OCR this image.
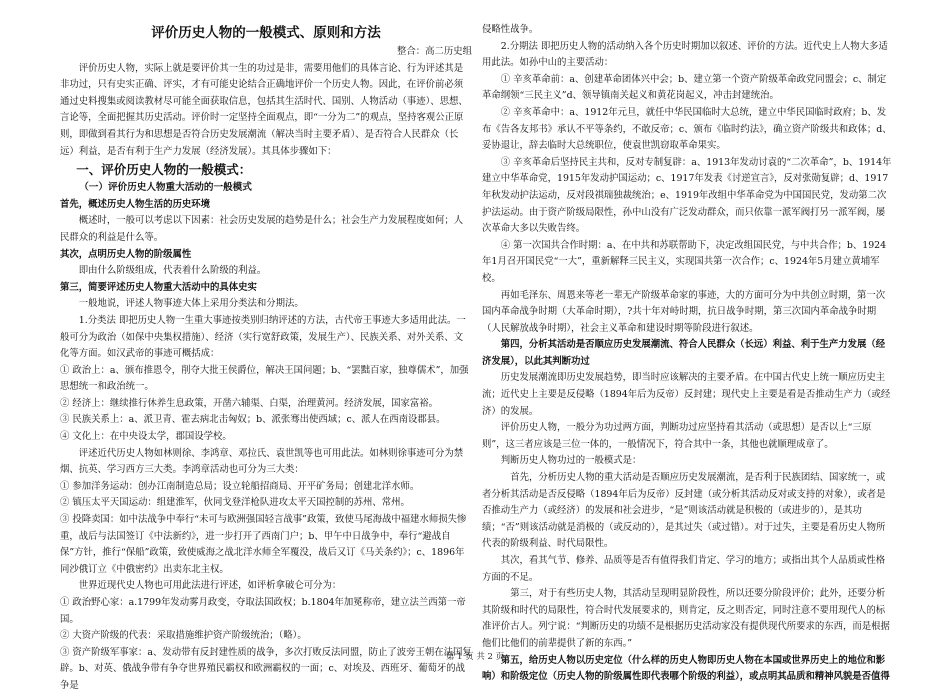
评价历史人物的一般模式、原则和方法

整合：高二历史组

评价历史人物，实际上就是要评价其一生的功过是非，需要用他们的具体言论、行为评述其是非功过，只有史实正确、评实，才有可能史论结合正确地评价一个历史人物。因此，在评价前必须通过史料搜集或阅读教材尽可能全面获取信息，包括其生活时代、国别、人物活动（事迹）、思想、言论等，全面把握其历史活动。评价时一定坚持全面观点，即“一分为二”的观点，坚持客观公正原则，即做到看其行为和思想是否符合历史发展潮流（解决当时主要矛盾）、是否符合人民群众（长远）利益，是否有利于生产力发展（经济发展）。其具体步骤如下：

一、评价历史人物的一般模式：

（一）评价历史人物重大活动的一般模式

首先，概述历史人物生活的历史环境

概述时，一般可以考虑以下因素：社会历史发展的趋势是什么；社会生产力发展程度如何；人民群众的利益是什么等。

其次，点明历史人物的阶级属性

即由什么阶级组成，代表着什么阶级的利益。

第三，简要评述历史人物重大活动中的具体史实

一般地说，评述人物事迹大体上采用分类法和分期法。

1.分类法 即把历史人物一生重大事迹按类别归纳评述的方法，古代帝王事迹大多适用此法。一般可分为政治（如保中央集权措施）、经济（实行宽舒政策，发展生产）、民族关系、对外关系、文化等方面。如汉武帝的事迹可概括成：

① 政治上：a、颁布推恩令，削夺大批王侯爵位，解决王国问题；b、“罢黜百家，独尊儒术”，加强思想统一和政治统一。

② 经济上：继续推行休养生息政策，开凿六辅渠、白渠，治理黄河。经济发展，国家富裕。

③ 民族关系上：a、派卫青、霍去病北击匈奴；b、派张骞出使西域；c、派人在西南设郡县。

④ 文化上：在中央设太学，郡国设学校。

评述近代历史人物如林则徐、李鸿章、邓拉氏、袁世凯等也可用此法。如林则徐事迹可分为禁烟、抗英、学习西方三大类。李鸿章活动也可分为三大类：

① 参加洋务运动：创办江南制造总局；设立轮船招商局、开平矿务局；创建北洋水师。

② 镇压太平天国运动：组建淮军，伙同戈登洋枪队进攻太平天国控制的苏州、常州。

③ 投降卖国：如中法战争中奉行“未可与欧洲强国轻言战事”政策，致使马尾海战中福建水师损失惨重，战后与法国签订《中法新约》，进一步打开了西南门户；b、甲午中日战争中，奉行“避战自保”方针，推行“保船”政策，致使威海之战北洋水师全军覆没，战后又订《马关条约》；c、1896年同沙俄订立《中俄密约》出卖东北主权。

世界近现代史人物也可用此法进行评述，如评析拿破仑可分为：

① 政治野心家：a.1799年发动雾月政变，夺取法国政权；b.1804年加冕称帝，建立法兰西第一帝国。

② 大资产阶级的代表：采取措施维护资产阶级统治；（略）。

③ 资产阶级军事家：a、发动带有反封建性质的战争，多次打败反法同盟，防止了波旁王朝在法国复辟。b、对英、俄战争带有争夺世界殖民霸权和欧洲霸权的一面；c、对埃及、西班牙、葡萄牙的战争是

侵略性战争。

2.分期法 即把历史人物的活动纳入各个历史时期加以叙述、评价的方法。近代史上人物大多适用此法。如孙中山的主要活动：

① 辛亥革命前：a、创建革命团体兴中会；b、建立第一个资产阶级革命政党同盟会；c、制定革命纲领“三民主义”d、领导镇南关起义和黄花岗起义，冲击封建统治。

② 辛亥革命中：a、1912年元旦，就任中华民国临时大总统，建立中华民国临时政府；b、发布《告各友邦书》承认不平等条约，不敢反帝；c、颁布《临时约法》，确立资产阶级共和政体；d、妥协退让，辞去临时大总统职位，使袁世凯窃取革命果实。

③ 辛亥革命后坚持民主共和，反对专制复辟：a、1913年发动讨袁的“二次革命”，b、1914年建立中华革命党，1915年发动护国运动；c、1917年发表《讨逆宣言》，反对张勋复辟；d、1917年秋发动护法运动，反对段祺瑞独裁统治；e、1919年改组中华革命党为中国国民党，发动第二次护法运动。由于资产阶级局限性，孙中山没有广泛发动群众，而只依靠一派军阀打另一派军阀，屡次革命大多以失败告终。

④ 第一次国共合作时期：a、在中共和苏联帮助下，决定改组国民党，与中共合作；b、1924年1月召开国民党“一大”，重新解释三民主义，实现国共第一次合作；c、1924年5月建立黄埔军校。

再如毛泽东、周恩来等老一辈无产阶级革命家的事迹，大的方面可分为中共创立时期，第一次国内革命战争时期（大革命时期），?共十年对峙时期，抗日战争时期，第三次国内革命战争时期（人民解放战争时期），社会主义革命和建设时期等阶段进行叙述。

第四，分析其活动是否顺应历史发展潮流、符合人民群众（长远）利益、利于生产力发展（经济发展），以此其判断功过

历史发展潮流即历史发展趋势，即当时应该解决的主要矛盾。在中国古代史上统一顺应历史主流；近代史上主要是反侵略（1894年后为反帝）反封建；现代史上主要是看是否推动生产力（或经济）的发展。

评价历史人物，一般分为功过两方面，判断功过应坚持看其活动（或思想）是否以上“三原则”，这三者应该是三位一体的，一般情况下，符合其中一条，其他也就顺理成章了。

判断历史人物功过的一般模式是：

首先，分析历史人物的重大活动是否顺应历史发展潮流，是否利于民族团结、国家统一，或者分析其活动是否反侵略（1894年后为反帝）反封建（或分析其活动反对或支持的对象），或者是否推动生产力（或经济）的发展和社会进步，“是”则该活动就是积极的（或进步的），是其功绩；“否”则该活动就是消极的（或反动的），是其过失（或过错）。对于过失，主要是看历史人物所代表的阶级利益、时代局限性。

其次，看其气节、修养、品质等是否有值得我们肯定、学习的地方；或指出其个人品质或性格方面的不足。

第三，对于有些历史人物，其活动呈现明显阶段性，所以还要分阶段评价；此外，还要分析其阶级和时代的局限性，符合时代发展要求的，则肯定，反之则否定，同时注意不要用现代人的标准评价古人。列宁说：“判断历史的功绩不是根据历史活动家没有提供现代所要求的东西，而是根据他们比他们的前辈提供了新的东西。”

第五，给历史人物以历史定位（什么样的历史人物即历史人物在本国或世界历史上的地位和影响）和阶级定位（历史人物的阶级属性即代表哪个阶级的利益），或点明其品质和精神风貌是否值得

第 1 页 共 2 页
